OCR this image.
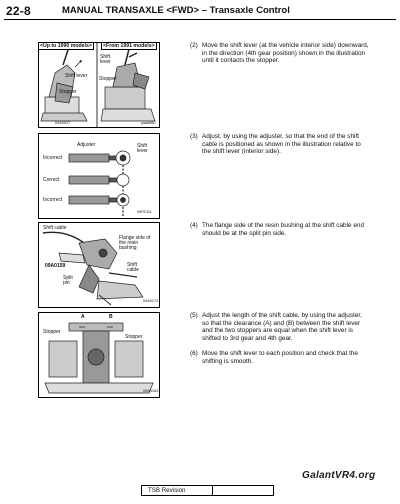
22-8	MANUAL TRANSAXLE <FWD> – Transaxle Control
<Up to 1990 models>	<From 1991 models>
Shift
lever
Shift lever Stopper
Stopper
09A0027	yaaa660
Adjuster	Shift
lever
Incorrect
Correct
Incorrect
09FE111
Shift cable
Flange side of
the resin
bushing
09A0159	Shift
cable
Split
pin
09A0174
A	B
Stopper
Stopper
09A4163
(2) Move the shift lever (at the vehicle interior side) downward, in the direction (4th gear position) shown in the illustration until it contacts the stopper.
(3) Adjust, by using the adjuster, so that the end of the shift cable is positioned as shown in the illustration relative to the shift lever (interior side).
(4) The flange side of the resin bushing at the shift cable end should be at the split pin side.
(5) Adjust the length of the shift cable, by using the adjuster, so that the clearance (A) and (B) between the shift lever and the two stoppers are equal when the shift lever is shifted to 3rd gear and 4th gear.
(6) Move the shift lever to each position and check that the shifting is smooth.
GalantVR4.org
TSB Revision
